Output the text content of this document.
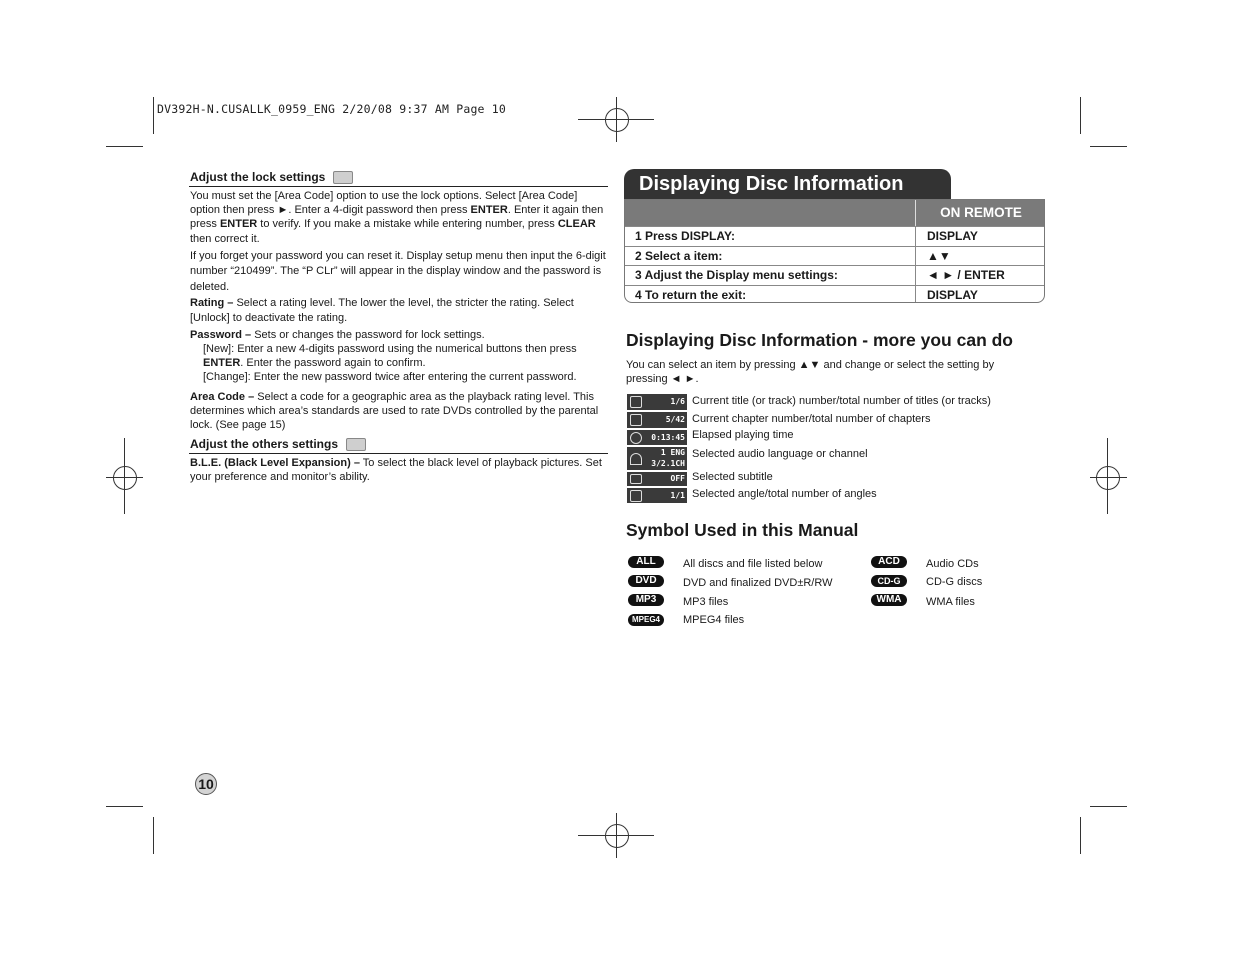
DV392H-N.CUSALLK_0959_ENG 2/20/08 9:37 AM Page 10
Adjust the lock settings
You must set the [Area Code] option to use the lock options. Select [Area Code] option then press ►. Enter a 4-digit password then press ENTER. Enter it again then press ENTER to verify. If you make a mistake while entering number, press CLEAR then correct it.
If you forget your password you can reset it. Display setup menu then input the 6-digit number “210499”. The “P CLr” will appear in the display window and the password is deleted.
Rating – Select a rating level. The lower the level, the stricter the rating. Select [Unlock] to deactivate the rating.
Password – Sets or changes the password for lock settings.
[New]: Enter a new 4-digits password using the numerical buttons then press ENTER. Enter the password again to confirm.
[Change]: Enter the new password twice after entering the current password.
Area Code – Select a code for a geographic area as the playback rating level. This determines which area’s standards are used to rate DVDs controlled by the parental lock. (See page 15)
Adjust the others settings
B.L.E. (Black Level Expansion) – To select the black level of playback pictures. Set your preference and monitor’s ability.
Displaying Disc Information
ON REMOTE
1 Press DISPLAY:	DISPLAY
2 Select a item:	▲▼
3 Adjust the Display menu settings:	◄ ► / ENTER
4 To return the exit:	DISPLAY
Displaying Disc Information - more you can do
You can select an item by pressing ▲▼ and change or select the setting by pressing ◄ ►.
1/6 Current title (or track) number/total number of titles (or tracks)
5/42 Current chapter number/total number of chapters
0:13:45 Elapsed playing time
1 ENG
3/2.1CH
Selected audio language or channel
OFF Selected subtitle
1/1 Selected angle/total number of angles
Symbol Used in this Manual
ALL	All discs and file listed below
DVD	DVD and finalized DVD±R/RW
MP3	MP3 files
MPEG4	MPEG4 files
ACD	Audio CDs
CD-G	CD-G discs
WMA	WMA files
10
